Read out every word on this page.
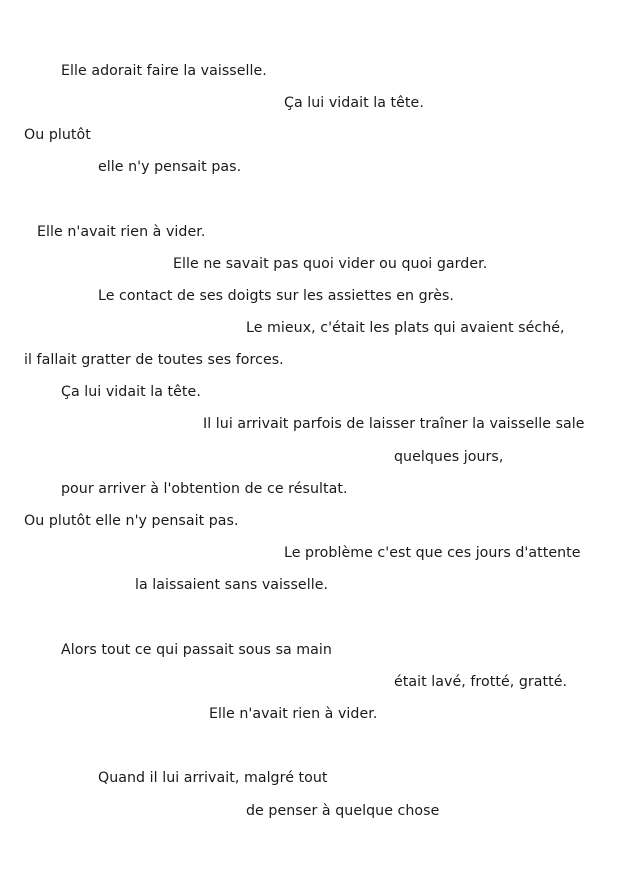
Elle adorait faire la vaisselle.
Ça lui vidait la tête.
Ou plutôt
elle n'y pensait pas.
Elle n'avait rien à vider.
Elle ne savait pas quoi vider ou quoi garder.
Le contact de ses doigts sur les assiettes en grès.
Le mieux, c'était les plats qui avaient séché,
il fallait gratter de toutes ses forces.
Ça lui vidait la tête.
Il lui arrivait parfois de laisser traîner la vaisselle sale
quelques jours,
pour arriver à l'obtention de ce résultat.
Ou plutôt elle n'y pensait pas.
Le problème c'est que ces jours d'attente
la laissaient sans vaisselle.
Alors tout ce qui passait sous sa main
était lavé, frotté, gratté.
Elle n'avait rien à vider.
Quand il lui arrivait, malgré tout
de penser à quelque chose
